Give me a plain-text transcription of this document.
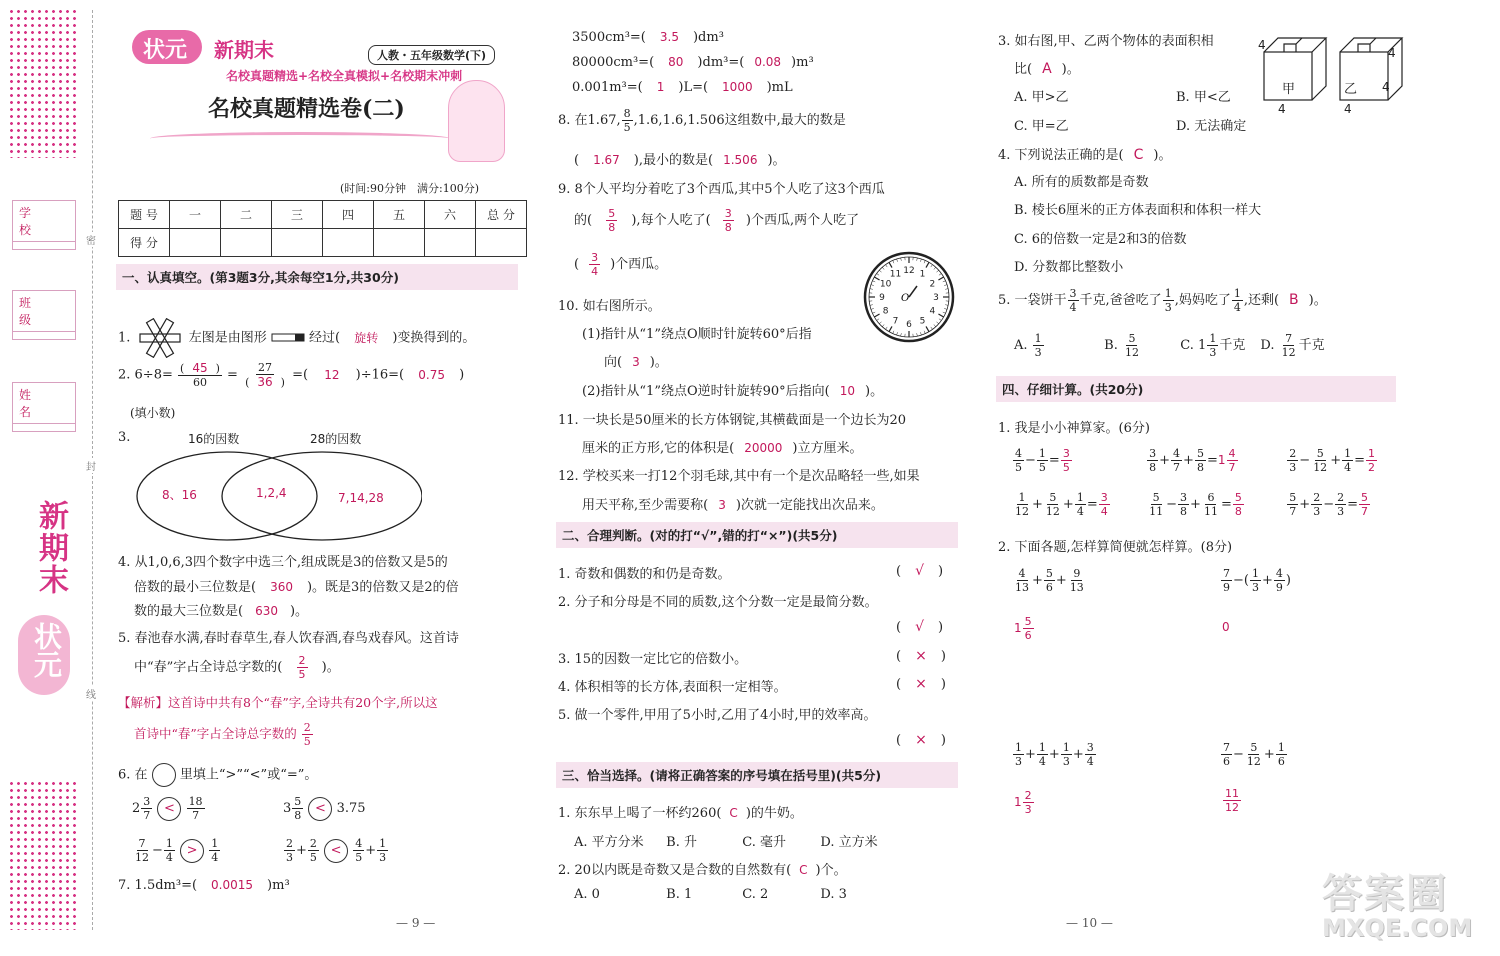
学 校
班 级
姓 名
密
封
线
新期末
状元
状元 新期末	人教・五年级数学(下)
名校真题精选+名校全真模拟+名校期末冲刺
名校真题精选卷(二)
(时间:90分钟　满分:100分)
题 号	一	二	三	四	五	六	总 分
得 分							
一、认真填空。(第3题3分,其余每空1分,共30分)
1.	左图是由图形	经过( 旋转 )变换得到的。
2. $6\div 8= \frac{( 45 )}{60} = \frac{27}{( 36 )}$ =( 12 )÷16=( 0.75 )
(填小数)
3.	16的因数	28的因数
8、16	1,2,4	7,14,28
4. 从1,0,6,3四个数字中选三个,组成既是3的倍数又是5的
倍数的最小三位数是( 360 )。既是3的倍数又是2的倍
数的最大三位数是( 630 )。
5. 春池春水满,春时春草生,春人饮春酒,春鸟戏春风。这首诗
中“春”字占全诗总字数的( $\frac{2}{5}$ )。
【解析】这首诗中共有8个“春”字,全诗共有20个字,所以这
首诗中“春”字占全诗总字数的 $\frac{2}{5}$
6. 在 里填上“>”“<”或“=”。
$2 \frac{3}{7} < \frac{18}{7}$	$3 \frac{5}{8} < 3.75$
$\frac{7}{12} - \frac{1}{4} > \frac{1}{4}$	$\frac{2}{3} + \frac{2}{5} < \frac{4}{5} + \frac{1}{3}$
7. 1.5dm³=( 0.0015 )m³
— 9 —
3500cm³=( 3.5 )dm³
80000cm³=( 80 )dm³=( 0.08 )m³
0.001m³=( 1 )L=( 1000 )mL
8. 在1.67, $\frac{8}{5} ,1.6,1.6,1.506$这组数中,最大的数是
( 1.67 ),最小的数是( 1.506 )。
9. 8个人平均分着吃了3个西瓜,其中5个人吃了这3个西瓜
的( $\frac{5}{8}$ ),每个人吃了( $\frac{3}{8}$ )个西瓜,两个人吃了
( $\frac{3}{4}$ )个西瓜。	12 1
2
3
4
5
6
7
8
9
10
11
O
10. 如右图所示。
(1)指针从“1”绕点O顺时针旋转60°后指
向( 3 )。
(2)指针从“1”绕点O逆时针旋转90°后指向( 10 )。
11. 一块长是50厘米的长方体钢锭,其横截面是一个边长为20
厘米的正方形,它的体积是( 20000 )立方厘米。
12. 学校买来一打12个羽毛球,其中有一个是次品略轻一些,如果
用天平称,至少需要称( 3 )次就一定能找出次品来。
二、合理判断。(对的打“√”,错的打“×”)(共5分)
1. 奇数和偶数的和仍是奇数。	( √ )
2. 分子和分母是不同的质数,这个分数一定是最简分数。
( √ )
3. 15的因数一定比它的倍数小。	( × )
4. 体积相等的长方体,表面积一定相等。	( × )
5. 做一个零件,甲用了5小时,乙用了4小时,甲的效率高。
( × )
三、恰当选择。(请将正确答案的序号填在括号里)(共5分)
1. 东东早上喝了一杯约260( C )的牛奶。
A. 平方分米 B. 升	C. 毫升	D. 立方米
2. 20以内既是奇数又是合数的自然数有( C )个。
A. 0	B. 1	C. 2	D. 3
3. 如右图,甲、乙两个物体的表面积相
比( A )。
A. 甲>乙	B. 甲<乙
C. 甲=乙	D. 无法确定
甲	乙
4
4	4
4
4
4. 下列说法正确的是( C )。
A. 所有的质数都是奇数
B. 棱长6厘米的正方体表面积和体积一样大
C. 6的倍数一定是2和3的倍数
D. 分数都比整数小
5. 一袋饼干 $\frac{3}{4}$ 千克,爸爸吃了 $\frac{1}{3}$ ,妈妈吃了 $\frac{1}{4}$ ,还剩( B )。
A. $\frac{1}{3}$	B. $\frac{5}{12}$	C. $1 \frac{1}{3}$ 千克 D. $\frac{7}{12}$ 千克
四、仔细计算。(共20分)
1. 我是小小神算家。(6分)
$\frac{4}{5} - \frac{1}{5} = \frac{3}{5}$
	$\frac{3}{8} + \frac{4}{7} + \frac{5}{8} =1 \frac{4}{7}$
	$\frac{2}{3} - \frac{5}{12} + \frac{1}{4} = \frac{1}{2}$
$\frac{1}{12} + \frac{5}{12} + \frac{1}{4} = \frac{3}{4}$
	$\frac{5}{11} - \frac{3}{8} + \frac{6}{11} = \frac{5}{8}$
	$\frac{5}{7} + \frac{2}{3} - \frac{2}{3} = \frac{5}{7}$
2. 下面各题,怎样算简便就怎样算。(8分)
$\frac{4}{13} + \frac{5}{6} + \frac{9}{13}$	$\frac{7}{9}$ −( $\frac{1}{3} + \frac{4}{9}$ )
$1 \frac{5}{6}$	0
$\frac{1}{3} + \frac{1}{4} + \frac{1}{3} + \frac{3}{4}$	$\frac{7}{6} - \frac{5}{12} + \frac{1}{6}$
$1 \frac{2}{3}$	$\frac{11}{12}$
— 10 —
答案圈
MXQE.COM
